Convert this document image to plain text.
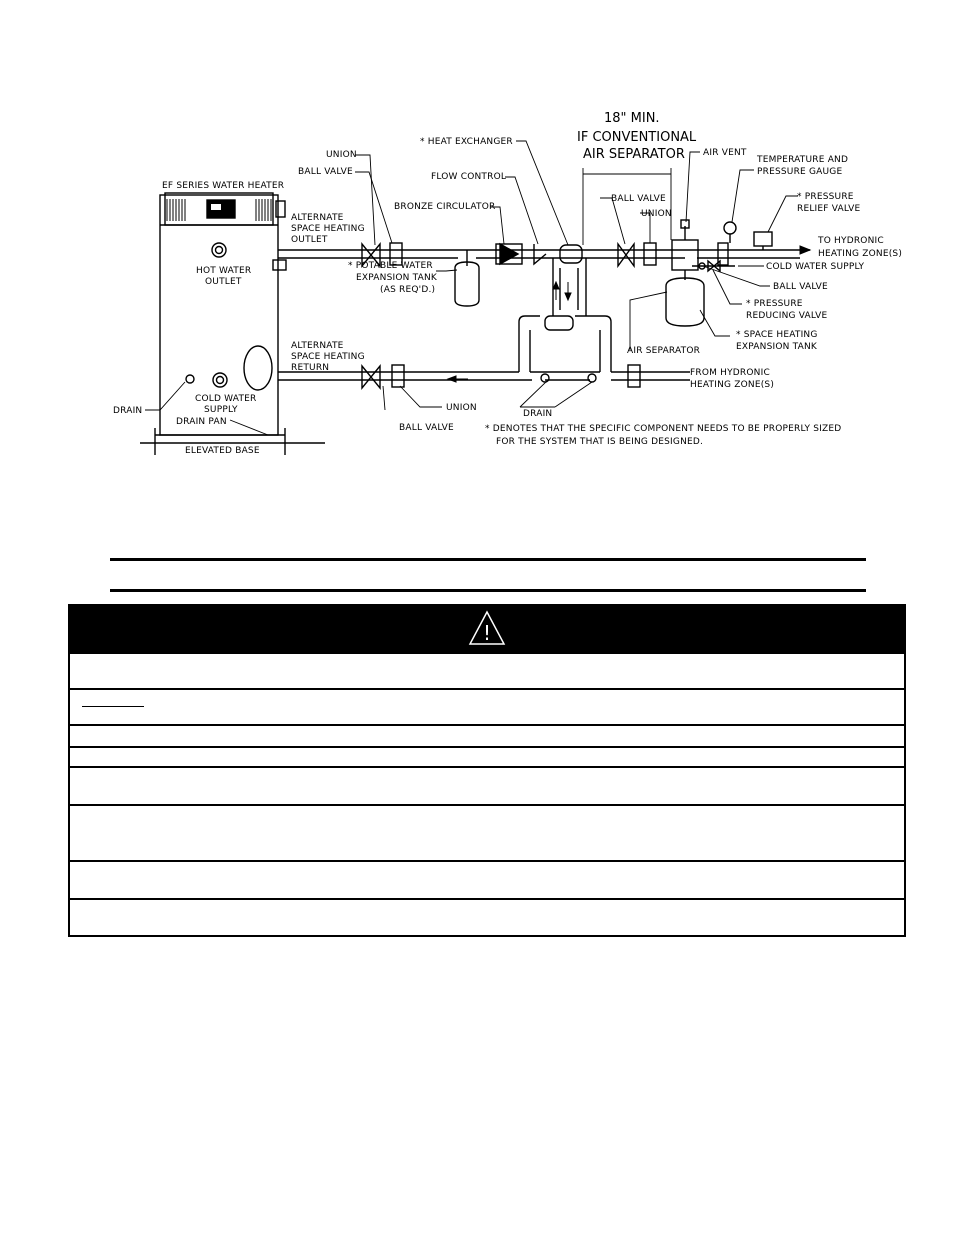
EF SERIES WATER HEATER
HOT WATER
OUTLET
COLD WATER
SUPPLY
DRAIN
DRAIN PAN
ELEVATED BASE
ALTERNATE
SPACE HEATING
OUTLET
ALTERNATE
SPACE HEATING
RETURN
UNION
BALL VALVE
BRONZE CIRCULATOR
FLOW CONTROL
* HEAT EXCHANGER
* POTABLE WATER
EXPANSION TANK
(AS REQ'D.)
18" MIN.
IF CONVENTIONAL
AIR SEPARATOR
BALL VALVE
UNION
AIR VENT
TEMPERATURE AND
PRESSURE GAUGE
* PRESSURE
RELIEF VALVE
TO HYDRONIC
HEATING ZONE(S)
COLD WATER SUPPLY
BALL VALVE
* PRESSURE
REDUCING VALVE
* SPACE HEATING
EXPANSION TANK
AIR SEPARATOR
FROM HYDRONIC
HEATING ZONE(S)
UNION
BALL VALVE
DRAIN
* DENOTES THAT THE SPECIFIC COMPONENT NEEDS TO BE PROPERLY SIZED
FOR THE SYSTEM THAT IS BEING DESIGNED.
!
